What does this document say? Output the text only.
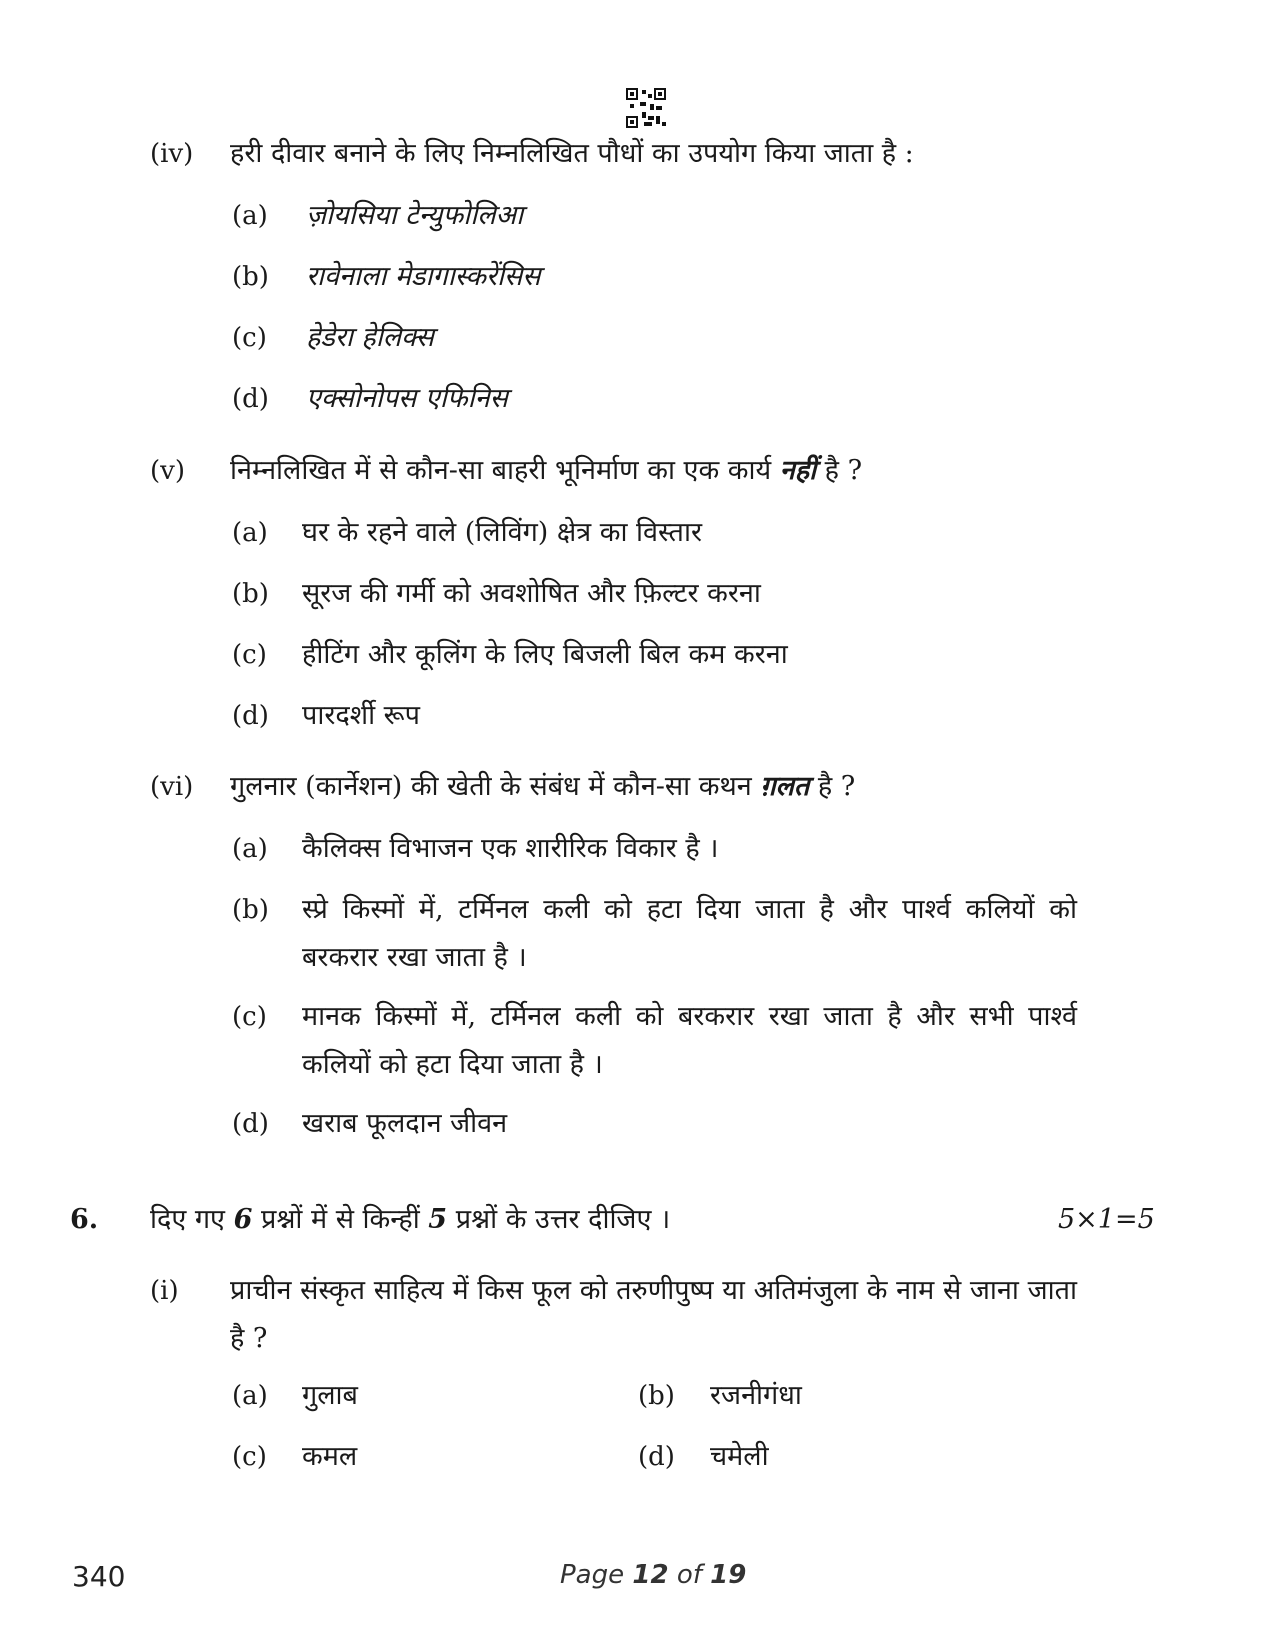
(iv) हरी दीवार बनाने के लिए निम्नलिखित पौधों का उपयोग किया जाता है :
(a) ज़ोयसिया टेन्युफोलिआ
(b) रावेनाला मेडागास्करेंसिस
(c) हेडेरा हेलिक्स
(d) एक्सोनोपस एफिनिस
(v) निम्नलिखित में से कौन-सा बाहरी भूनिर्माण का एक कार्य नहीं है ?
(a) घर के रहने वाले (लिविंग) क्षेत्र का विस्तार
(b) सूरज की गर्मी को अवशोषित और फ़िल्टर करना
(c) हीटिंग और कूलिंग के लिए बिजली बिल कम करना
(d) पारदर्शी रूप
(vi) गुलनार (कार्नेशन) की खेती के संबंध में कौन-सा कथन ग़लत है ?
(a) कैलिक्स विभाजन एक शारीरिक विकार है ।
(b) स्प्रे किस्मों में, टर्मिनल कली को हटा दिया जाता है और पार्श्व कलियों को बरकरार रखा जाता है ।
(c) मानक किस्मों में, टर्मिनल कली को बरकरार रखा जाता है और सभी पार्श्व कलियों को हटा दिया जाता है ।
(d) खराब फूलदान जीवन
6. दिए गए 6 प्रश्नों में से किन्हीं 5 प्रश्नों के उत्तर दीजिए ।	5×1=5
(i) प्राचीन संस्कृत साहित्य में किस फूल को तरुणीपुष्प या अतिमंजुला के नाम से जाना जाता है ?
(a) गुलाब	(b) रजनीगंधा
(c) कमल	(d) चमेली
340	Page 12 of 19
